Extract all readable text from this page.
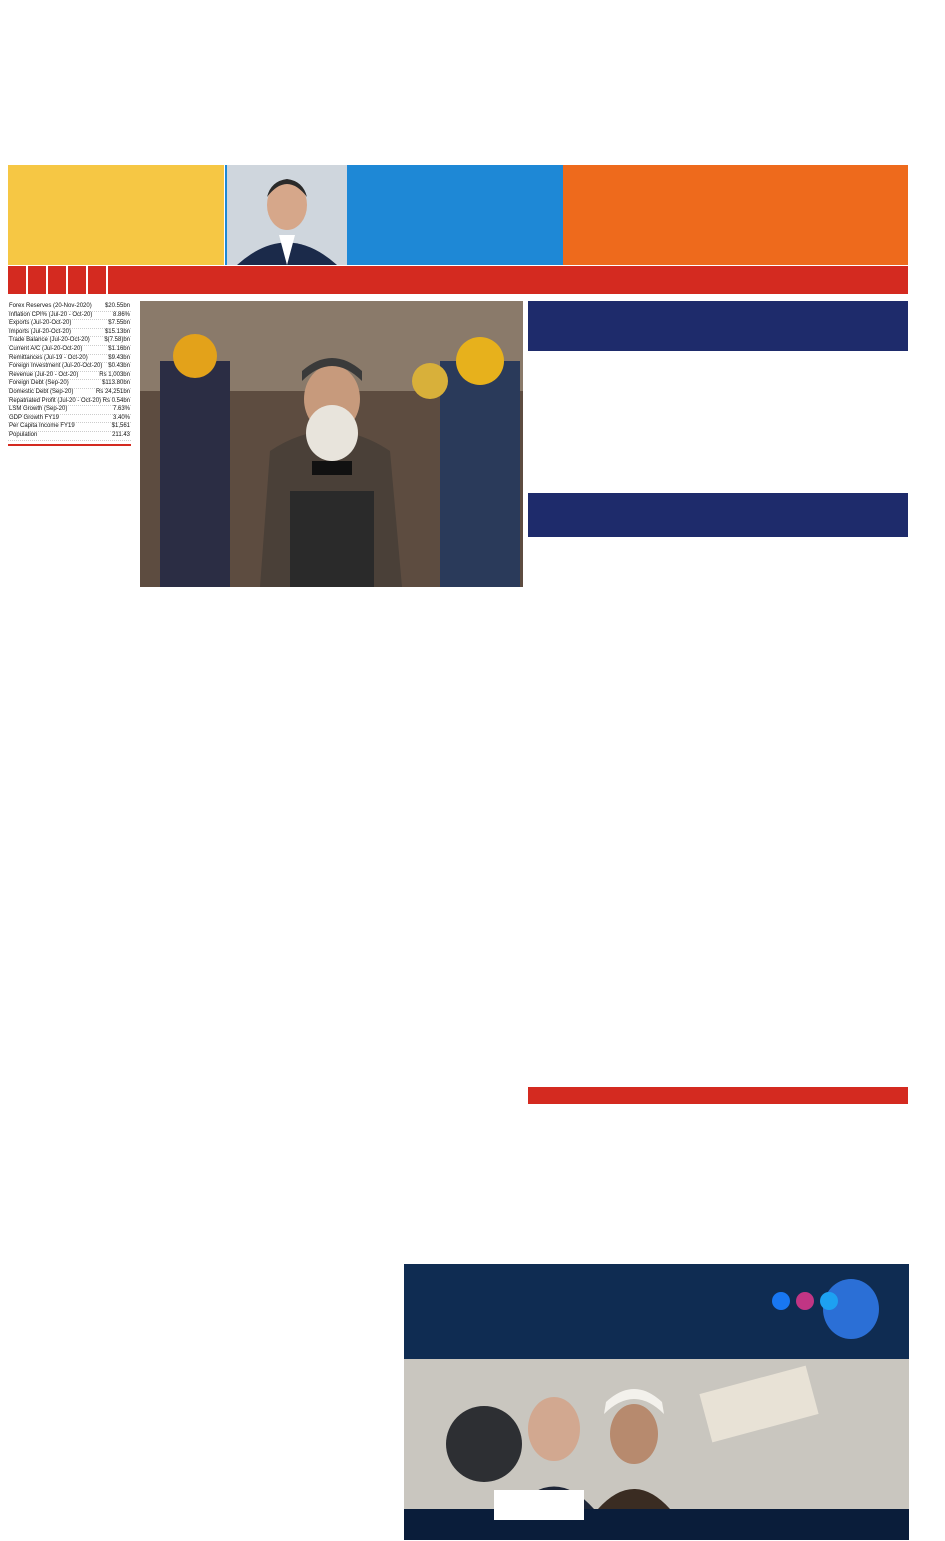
Forex Reserves (20-Nov-2020) $20.55bn
Inflation CPI% (Jul-20 - Oct-20)	8.86%
Exports (Jul-20-Oct-20)	$7.55bn
Imports (Jul-20-Oct-20)	$15.13bn
Trade Balance (Jul-20-Oct-20) $(7.58)bn
Current A/C (Jul-20-Oct-20)	$1.16bn
Remittances (Jul-19 - Oct-20)	$9.43bn
Foreign Investment (Jul-20-Oct-20) $0.43bn
Revenue (Jul-20 - Oct-20)	Rs 1,003bn
Foreign Debt (Sep-20)	$113.80bn
Domestic Debt (Sep-20)	Rs 24,251bn
Repatriated Profit (Jul-20 - Oct-20) Rs 0.54bn
LSM Growth (Sep-20)	7.63%
GDP Growth FY19	3.40%
Per Capita Income FY19	$1,561
Population	211.43
